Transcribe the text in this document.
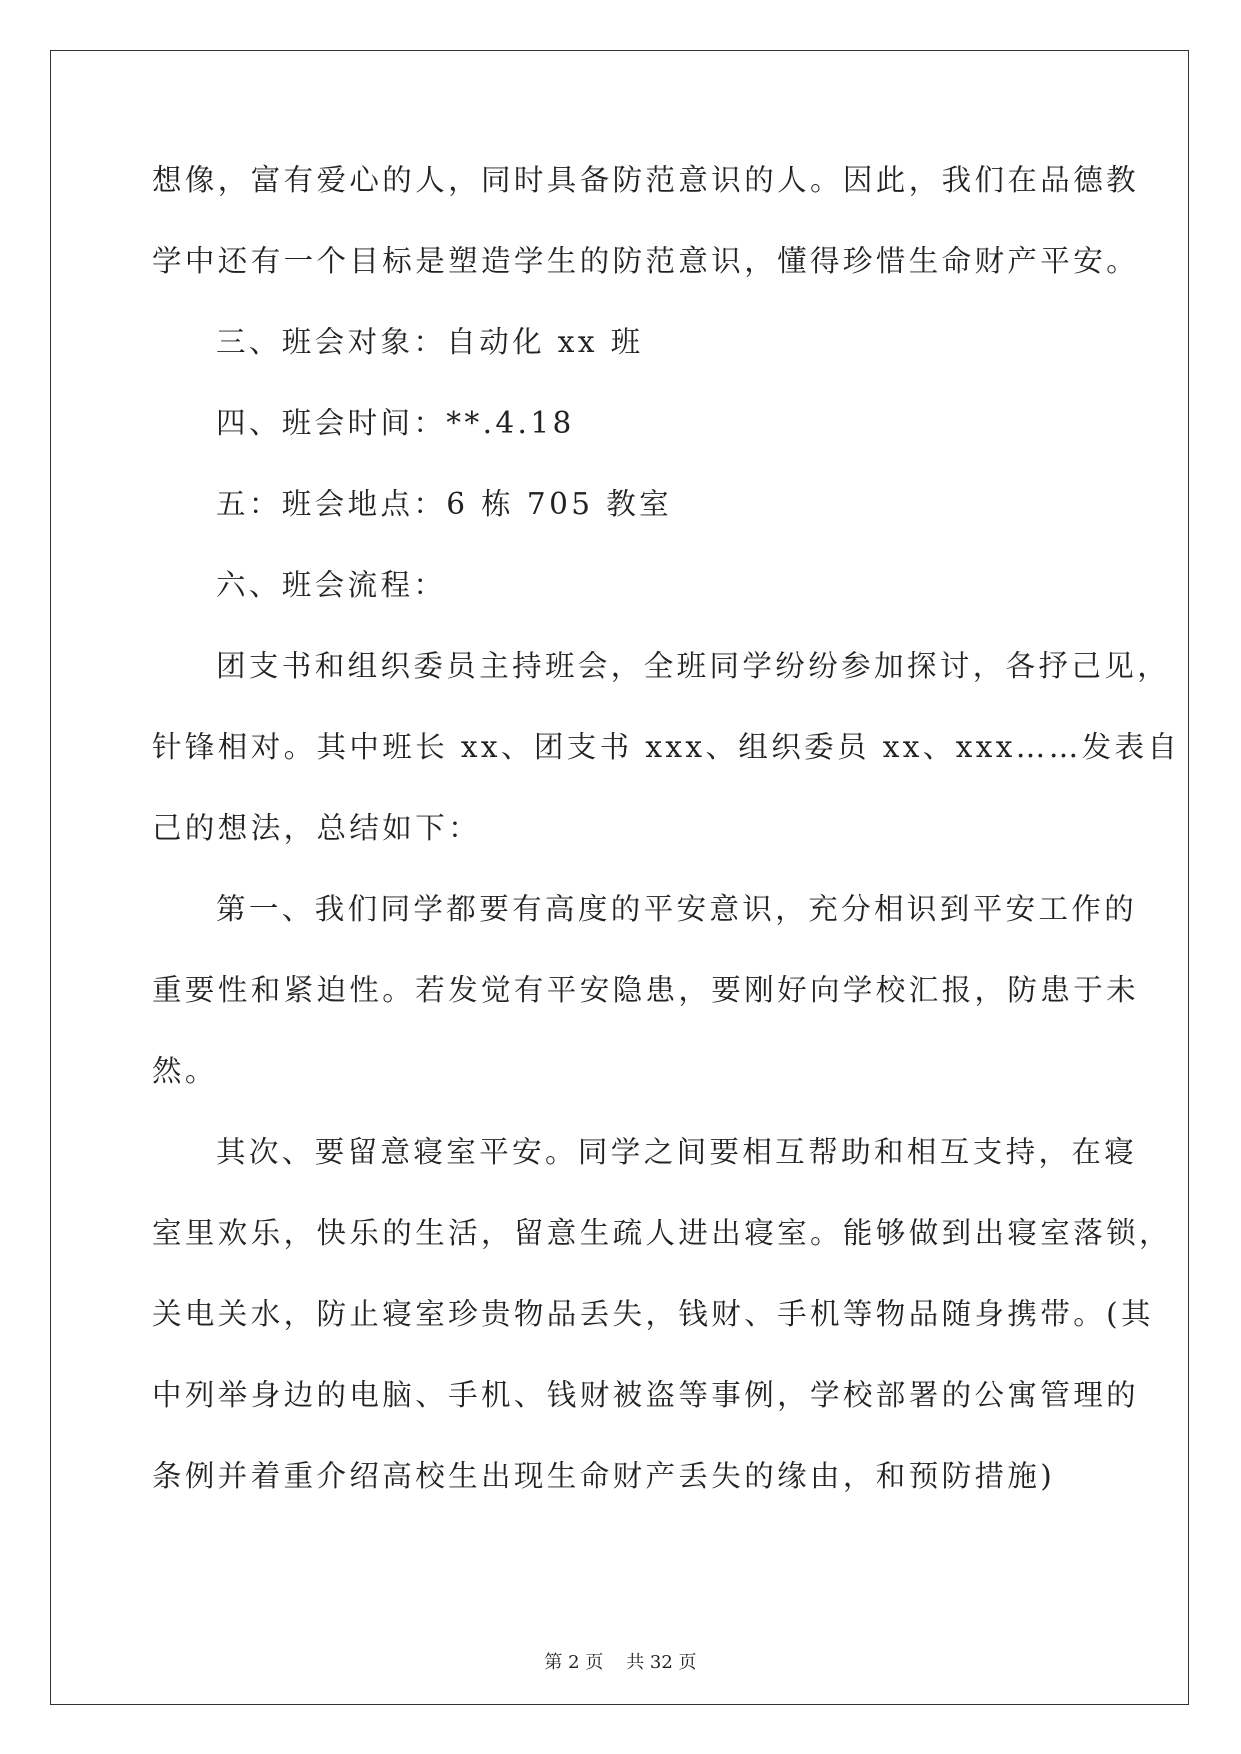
想像，富有爱心的人，同时具备防范意识的人。因此，我们在品德教
学中还有一个目标是塑造学生的防范意识，懂得珍惜生命财产平安。
三、班会对象：自动化 xx 班
四、班会时间：**.4.18
五：班会地点：6 栋 705 教室
六、班会流程：
团支书和组织委员主持班会，全班同学纷纷参加探讨，各抒己见，
针锋相对。其中班长 xx、团支书 xxx、组织委员 xx、xxx……发表自
己的想法，总结如下：
第一、我们同学都要有高度的平安意识，充分相识到平安工作的
重要性和紧迫性。若发觉有平安隐患，要刚好向学校汇报，防患于未
然。
其次、要留意寝室平安。同学之间要相互帮助和相互支持，在寝
室里欢乐，快乐的生活，留意生疏人进出寝室。能够做到出寝室落锁，
关电关水，防止寝室珍贵物品丢失，钱财、手机等物品随身携带。(其
中列举身边的电脑、手机、钱财被盗等事例，学校部署的公寓管理的
条例并着重介绍高校生出现生命财产丢失的缘由，和预防措施)
第 2 页    共 32 页
